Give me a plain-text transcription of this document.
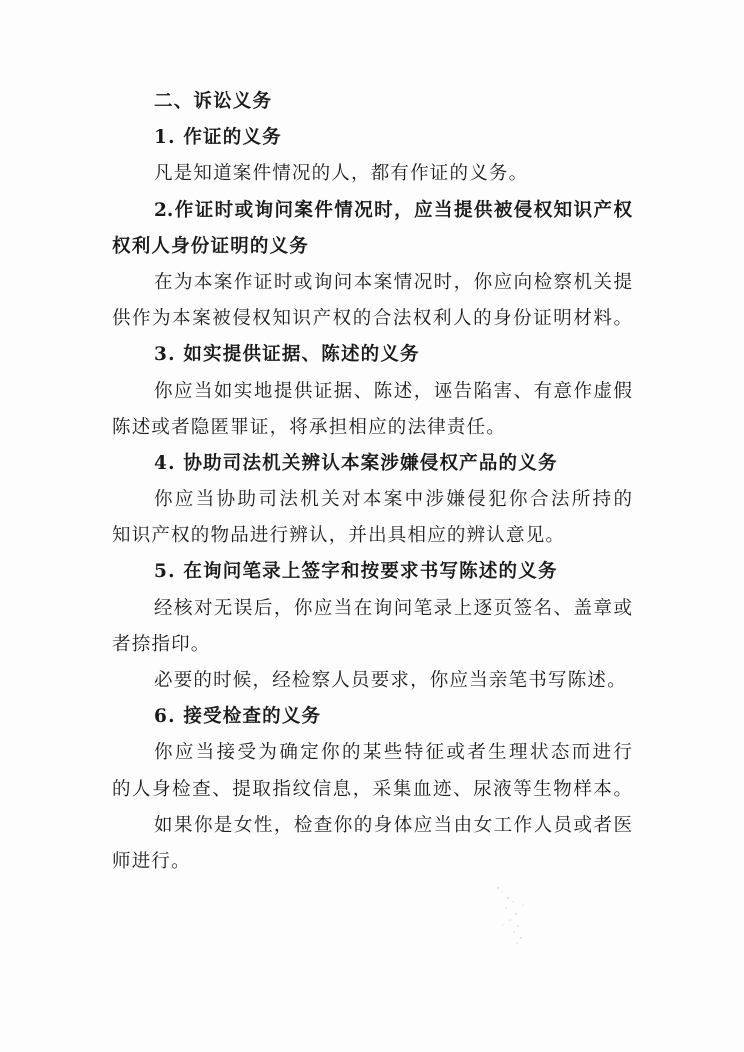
二、诉讼义务
1. 作证的义务
凡是知道案件情况的人，都有作证的义务。
2.作证时或询问案件情况时，应当提供被侵权知识产权
权利人身份证明的义务
在为本案作证时或询问本案情况时，你应向检察机关提
供作为本案被侵权知识产权的合法权利人的身份证明材料。
3. 如实提供证据、陈述的义务
你应当如实地提供证据、陈述，诬告陷害、有意作虚假
陈述或者隐匿罪证，将承担相应的法律责任。
4. 协助司法机关辨认本案涉嫌侵权产品的义务
你应当协助司法机关对本案中涉嫌侵犯你合法所持的
知识产权的物品进行辨认，并出具相应的辨认意见。
5. 在询问笔录上签字和按要求书写陈述的义务
经核对无误后，你应当在询问笔录上逐页签名、盖章或
者捺指印。
必要的时候，经检察人员要求，你应当亲笔书写陈述。
6. 接受检查的义务
你应当接受为确定你的某些特征或者生理状态而进行
的人身检查、提取指纹信息，采集血迹、尿液等生物样本。
如果你是女性，检查你的身体应当由女工作人员或者医
师进行。
